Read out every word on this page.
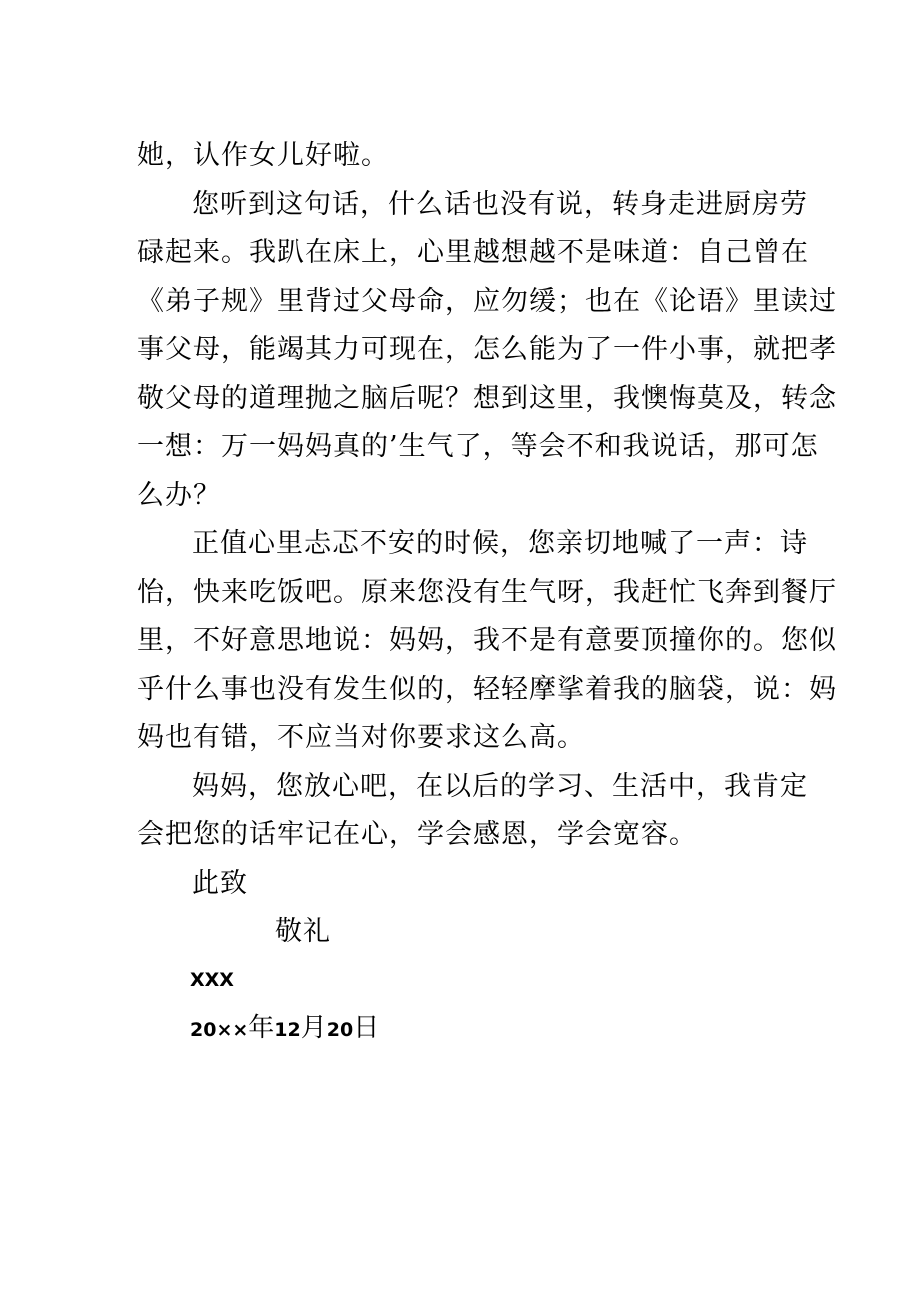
她，认作女儿好啦。
您听到这句话，什么话也没有说，转身走进厨房劳
碌起来。我趴在床上，心里越想越不是味道：自己曾在
《弟子规》里背过父母命，应勿缓；也在《论语》里读过
事父母，能竭其力可现在，怎么能为了一件小事，就把孝
敬父母的道理抛之脑后呢？想到这里，我懊悔莫及，转念
一想：万一妈妈真的’生气了，等会不和我说话，那可怎
么办？
正值心里忐忑不安的时候，您亲切地喊了一声：诗
怡，快来吃饭吧。原来您没有生气呀，我赶忙飞奔到餐厅
里，不好意思地说：妈妈，我不是有意要顶撞你的。您似
乎什么事也没有发生似的，轻轻摩挲着我的脑袋，说：妈
妈也有错，不应当对你要求这么高。
妈妈，您放心吧，在以后的学习、生活中，我肯定
会把您的话牢记在心，学会感恩，学会宽容。
此致
敬礼
XXX
20××年12月20日
